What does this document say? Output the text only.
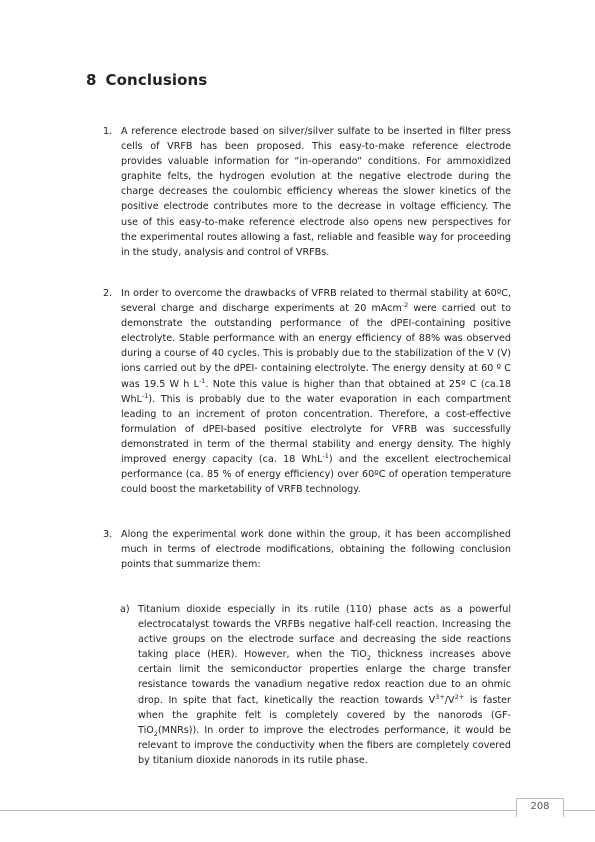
8 Conclusions
1. A reference electrode based on silver/silver sulfate to be inserted in filter press cells of VRFB has been proposed. This easy-to-make reference electrode provides valuable information for “in-operando” conditions. For ammoxidized graphite felts, the hydrogen evolution at the negative electrode during the charge decreases the coulombic efficiency whereas the slower kinetics of the positive electrode contributes more to the decrease in voltage efficiency. The use of this easy-to-make reference electrode also opens new perspectives for the experimental routes allowing a fast, reliable and feasible way for proceeding in the study, analysis and control of VRFBs.
2. In order to overcome the drawbacks of VFRB related to thermal stability at 60ºC, several charge and discharge experiments at 20 mAcm$^{-2}$ were carried out to demonstrate the outstanding performance of the dPEI-containing positive electrolyte. Stable performance with an energy efficiency of 88% was observed during a course of 40 cycles. This is probably due to the stabilization of the V (V) ions carried out by the dPEI- containing electrolyte. The energy density at 60 º C was 19.5 W h $L^{-1}$. Note this value is higher than that obtained at 25º C (ca.18 WhL$^{-1}$). This is probably due to the water evaporation in each compartment leading to an increment of proton concentration. Therefore, a cost-effective formulation of dPEI-based positive electrolyte for VFRB was successfully demonstrated in term of the thermal stability and energy density. The highly improved energy capacity (ca. 18 WhL$^{-1}$) and the excellent electrochemical performance (ca. 85 % of energy efficiency) over 60ºC of operation temperature could boost the marketability of VRFB technology.
3. Along the experimental work done within the group, it has been accomplished much in terms of electrode modifications, obtaining the following conclusion points that summarize them:
a) Titanium dioxide especially in its rutile (110) phase acts as a powerful electrocatalyst towards the VRFBs negative half-cell reaction. Increasing the active groups on the electrode surface and decreasing the side reactions taking place (HER). However, when the TiO$_2$ thickness increases above certain limit the semiconductor properties enlarge the charge transfer resistance towards the vanadium negative redox reaction due to an ohmic drop. In spite that fact, kinetically the reaction towards $V^{3+}/V^{2+}$ is faster when the graphite felt is completely covered by the nanorods (GF-TiO$_2$(MNRs)). In order to improve the electrodes performance, it would be relevant to improve the conductivity when the fibers are completely covered by titanium dioxide nanorods in its rutile phase.
208
